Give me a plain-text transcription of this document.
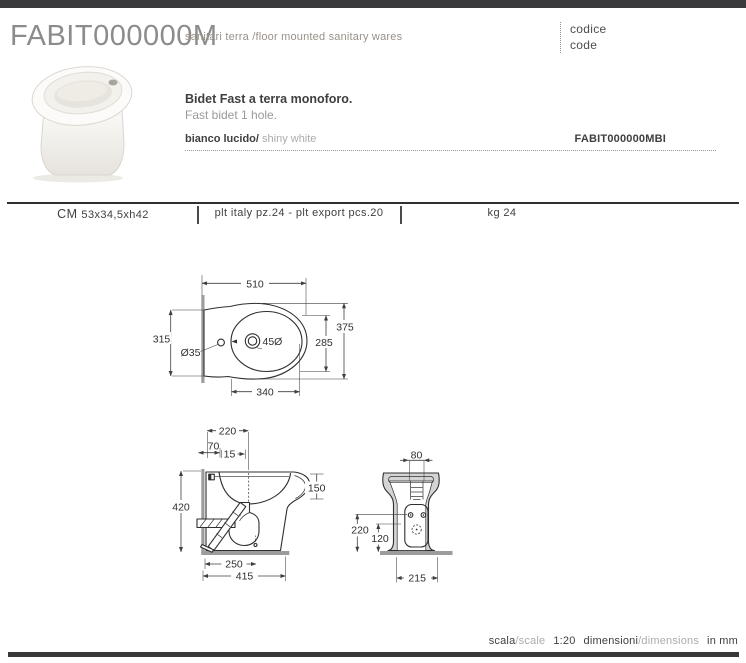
FABIT000000M
sanitari terra /floor mounted sanitary wares
codice
code
Bidet Fast a terra monoforo.
Fast bidet 1 hole.
bianco lucido/ shiny white	FABIT000000MBI
CM 53x34,5xh42	plt italy pz.24 - plt export pcs.20	kg 24
510
375
315	285
340
Ø35
45Ø
420
220
70
15
150
250
415
80
220
120
215
scala/scale 1:20 dimensioni/dimensions in mm
